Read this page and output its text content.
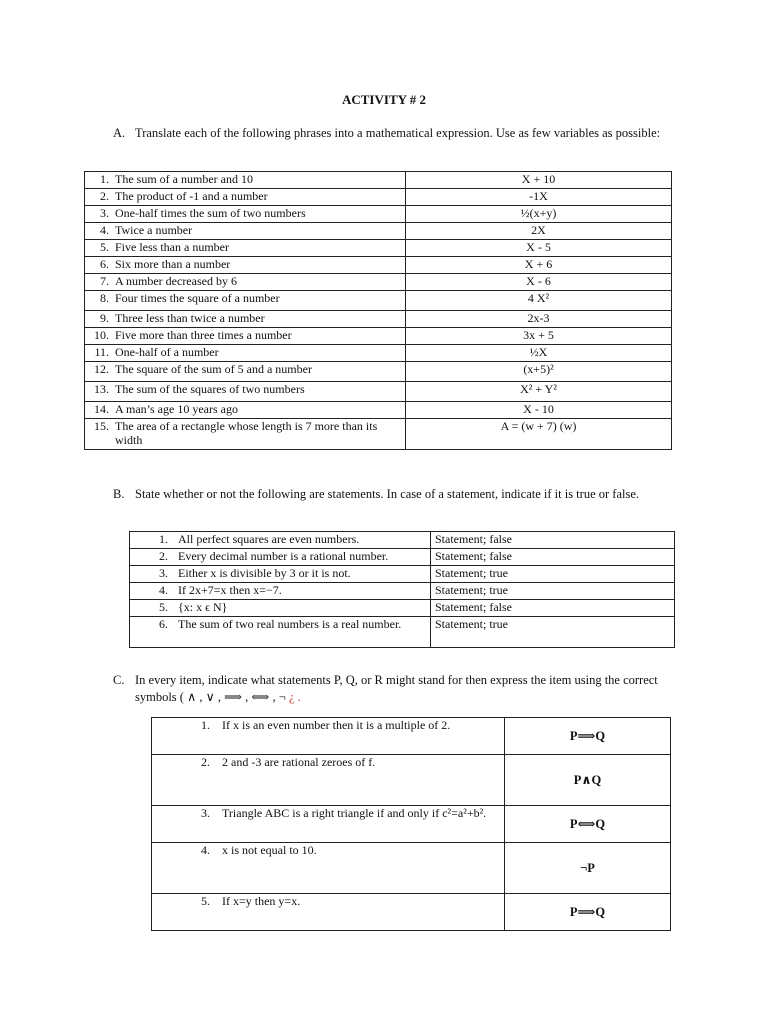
ACTIVITY # 2
A. Translate each of the following phrases into a mathematical expression. Use as few variables as possible:
1. The sum of a number and 10	X + 10
2. The product of -1 and a number	-1X
3. One-half times the sum of two numbers	½(x+y)
4. Twice a number	2X
5. Five less than a number	X - 5
6. Six more than a number	X + 6
7. A number decreased by 6	X - 6
8. Four times the square of a number	4 X²
9. Three less than twice a number	2x-3
10. Five more than three times a number	3x + 5
11. One-half of a number	½X
12. The square of the sum of 5 and a number	(x+5)²
13. The sum of the squares of two numbers	X² + Y²
14. A man’s age 10 years ago	X - 10
15. The area of a rectangle whose length is 7 more than its width	A = (w + 7) (w)
B. State whether or not the following are statements. In case of a statement, indicate if it is true or false.
1. All perfect squares are even numbers.	Statement; false
2. Every decimal number is a rational number.	Statement; false
3. Either x is divisible by 3 or it is not.	Statement; true
4. If 2x+7=x then x=−7.	Statement; true
5. {x: x ϵ N}	Statement; false
6. The sum of two real numbers is a real number.	Statement; true
C. In every item, indicate what statements P, Q, or R might stand for then express the item using the correct symbols ( ∧ , ∨ , ⟹ , ⟺ , ¬ ¿ .
1. If x is an even number then it is a multiple of 2.	P⟹Q
2. 2 and -3 are rational zeroes of f.	P∧Q
3. Triangle ABC is a right triangle if and only if c²=a²+b².	P⟺Q
4. x is not equal to 10.	¬P
5. If x=y then y=x.	P⟹Q
